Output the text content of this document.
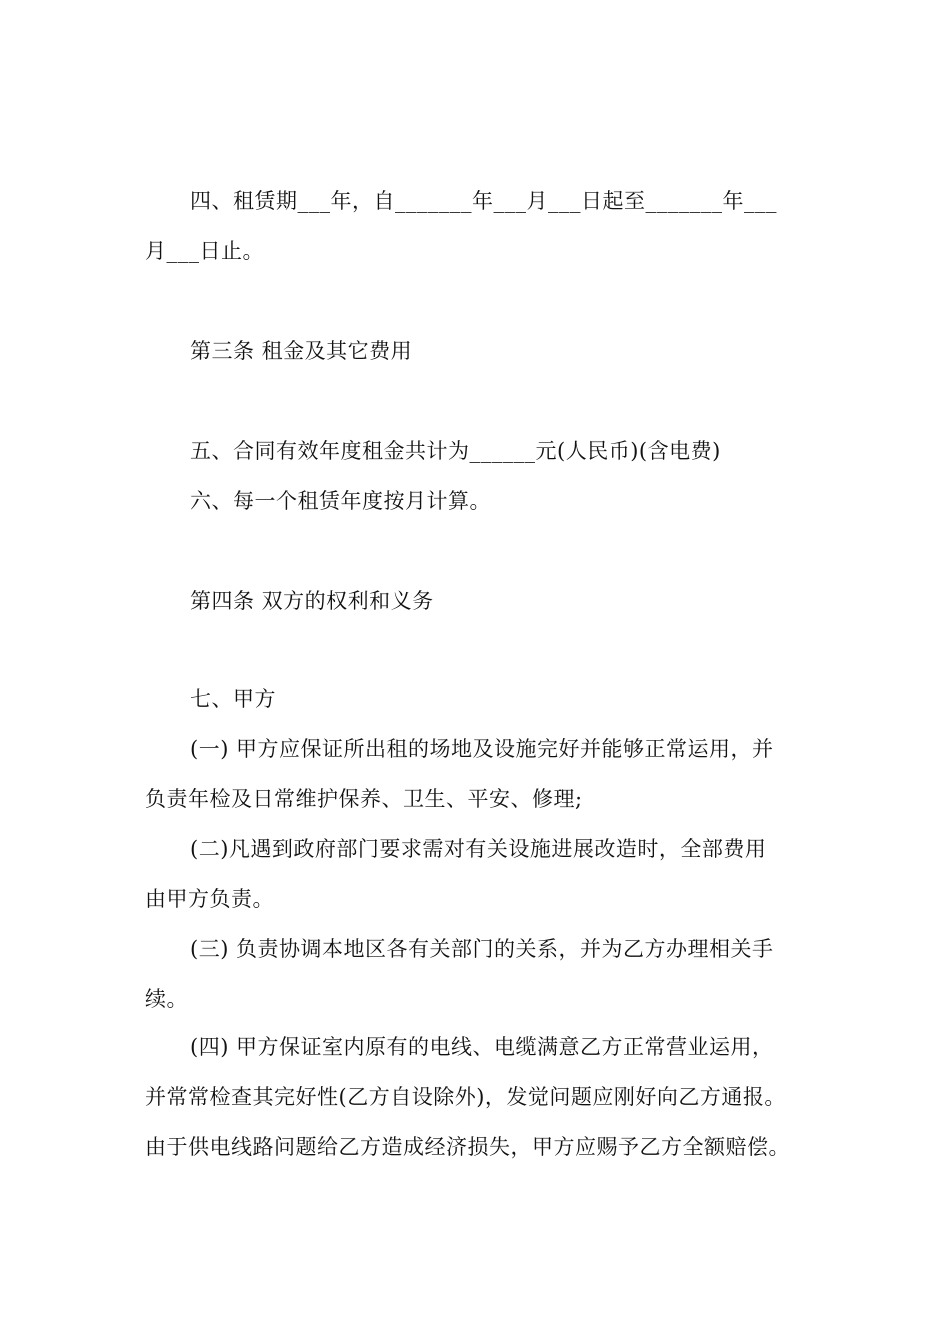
四、租赁期___年，自_______年___月___日起至_______年___
月___日止。
第三条 租金及其它费用
五、合同有效年度租金共计为______元(人民币)(含电费)
六、每一个租赁年度按月计算。
第四条 双方的权利和义务
七、甲方
(一) 甲方应保证所出租的场地及设施完好并能够正常运用，并
负责年检及日常维护保养、卫生、平安、修理;
(二)凡遇到政府部门要求需对有关设施进展改造时，全部费用
由甲方负责。
(三) 负责协调本地区各有关部门的关系，并为乙方办理相关手
续。
(四) 甲方保证室内原有的电线、电缆满意乙方正常营业运用，
并常常检查其完好性(乙方自设除外)，发觉问题应刚好向乙方通报。
由于供电线路问题给乙方造成经济损失，甲方应赐予乙方全额赔偿。
